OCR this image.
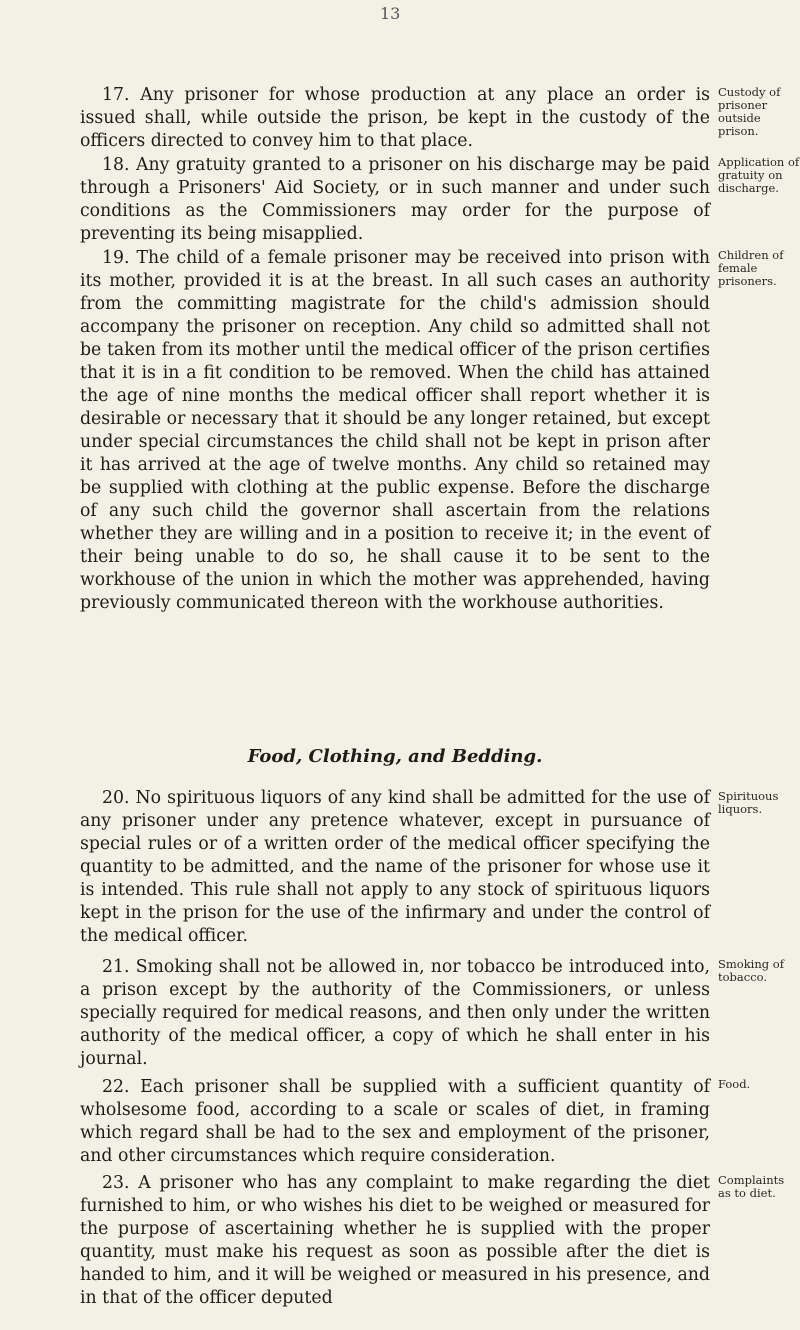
13

17. Any prisoner for whose production at any place an order is issued shall, while outside the prison, be kept in the custody of the officers directed to convey him to that place.

Custody of prisoner outside prison.

18. Any gratuity granted to a prisoner on his discharge may be paid through a Prisoners' Aid Society, or in such manner and under such conditions as the Commissioners may order for the purpose of preventing its being misapplied.

Application of gratuity on discharge.

19. The child of a female prisoner may be received into prison with its mother, provided it is at the breast. In all such cases an authority from the committing magistrate for the child's admission should accompany the prisoner on reception. Any child so admitted shall not be taken from its mother until the medical officer of the prison certifies that it is in a fit condition to be removed. When the child has attained the age of nine months the medical officer shall report whether it is desirable or necessary that it should be any longer retained, but except under special circumstances the child shall not be kept in prison after it has arrived at the age of twelve months. Any child so retained may be supplied with clothing at the public expense. Before the discharge of any such child the governor shall ascertain from the relations whether they are willing and in a position to receive it; in the event of their being unable to do so, he shall cause it to be sent to the workhouse of the union in which the mother was apprehended, having previously communicated thereon with the workhouse authorities.

Children of female prisoners.
Food, Clothing, and Bedding.

20. No spirituous liquors of any kind shall be admitted for the use of any prisoner under any pretence whatever, except in pursuance of special rules or of a written order of the medical officer specifying the quantity to be admitted, and the name of the prisoner for whose use it is intended. This rule shall not apply to any stock of spirituous liquors kept in the prison for the use of the infirmary and under the control of the medical officer.

Spirituous liquors.

21. Smoking shall not be allowed in, nor tobacco be introduced into, a prison except by the authority of the Commissioners, or unless specially required for medical reasons, and then only under the written authority of the medical officer, a copy of which he shall enter in his journal.

Smoking of tobacco.

22. Each prisoner shall be supplied with a sufficient quantity of wholsesome food, according to a scale or scales of diet, in framing which regard shall be had to the sex and employment of the prisoner, and other circumstances which require consideration.

Food.

23. A prisoner who has any complaint to make regarding the diet furnished to him, or who wishes his diet to be weighed or measured for the purpose of ascertaining whether he is supplied with the proper quantity, must make his request as soon as possible after the diet is handed to him, and it will be weighed or measured in his presence, and in that of the officer deputed

Complaints as to diet.
